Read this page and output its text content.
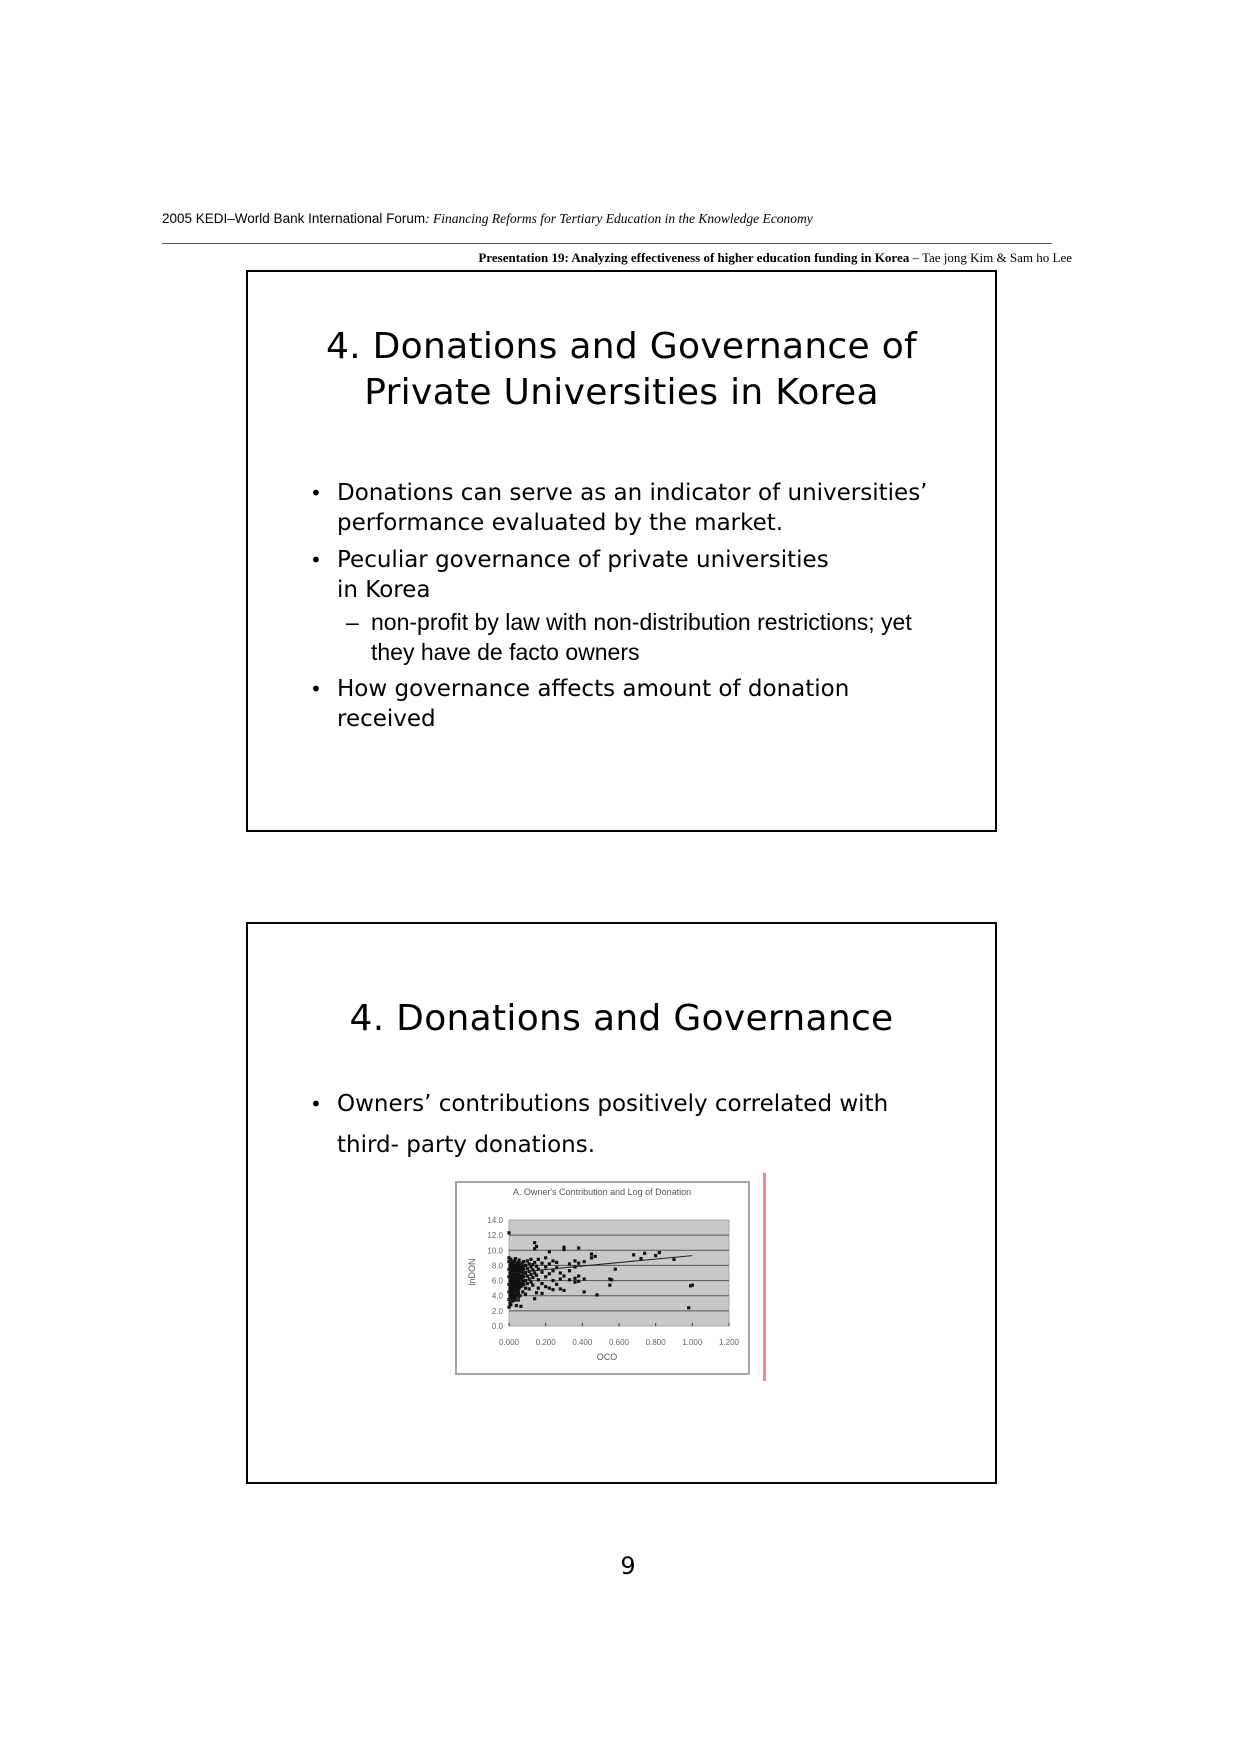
2005 KEDI–World Bank International Forum: Financing Reforms for Tertiary Education in the Knowledge Economy
Presentation 19: Analyzing effectiveness of higher education funding in Korea – Tae jong Kim & Sam ho Lee
4. Donations and Governance of
Private Universities in Korea
• Donations can serve as an indicator of universities’ performance evaluated by the market.
• Peculiar governance of private universities in Korea
– non-profit by law with non-distribution restrictions; yet they have de facto owners
• How governance affects amount of donation received
4. Donations and Governance
• Owners’ contributions positively correlated with third- party donations.
A. Owner's Contribution and Log of Donation
0.0
2.0
4.0
6.0
8.0
10.0
12.0
14.0
0.000 0.200 0.400 0.600 0.800 1.000 1.200
OCO
lnDON
9
